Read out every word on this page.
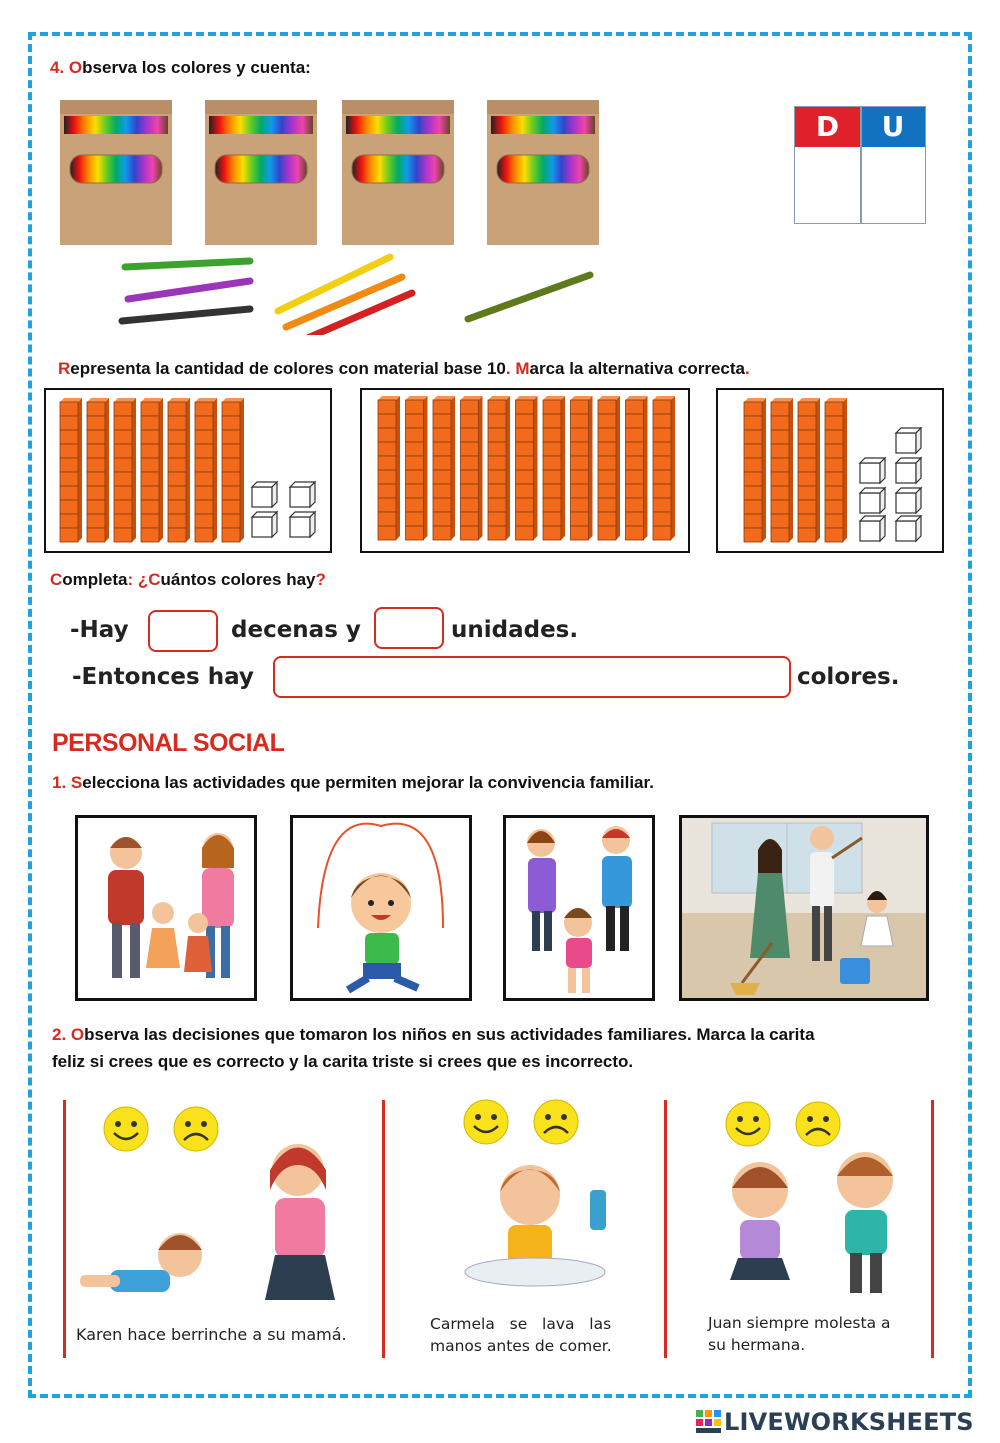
4. Observa los colores y cuenta:
D	U
Representa la cantidad de colores con material base 10. Marca la alternativa correcta.
Completa: ¿Cuántos colores hay?
-Hay	decenas y	unidades.
-Entonces hay	colores.
PERSONAL SOCIAL
1. Selecciona las actividades que permiten mejorar la convivencia familiar.
2. Observa las decisiones que tomaron los niños en sus actividades familiares. Marca la carita
feliz si crees que es correcto y la carita triste si crees que es incorrecto.
Karen hace berrinche a su mamá.
Carmela   se   lava   las
manos antes de comer.
Juan siempre molesta a
su hermana.
LIVEWORKSHEETS
